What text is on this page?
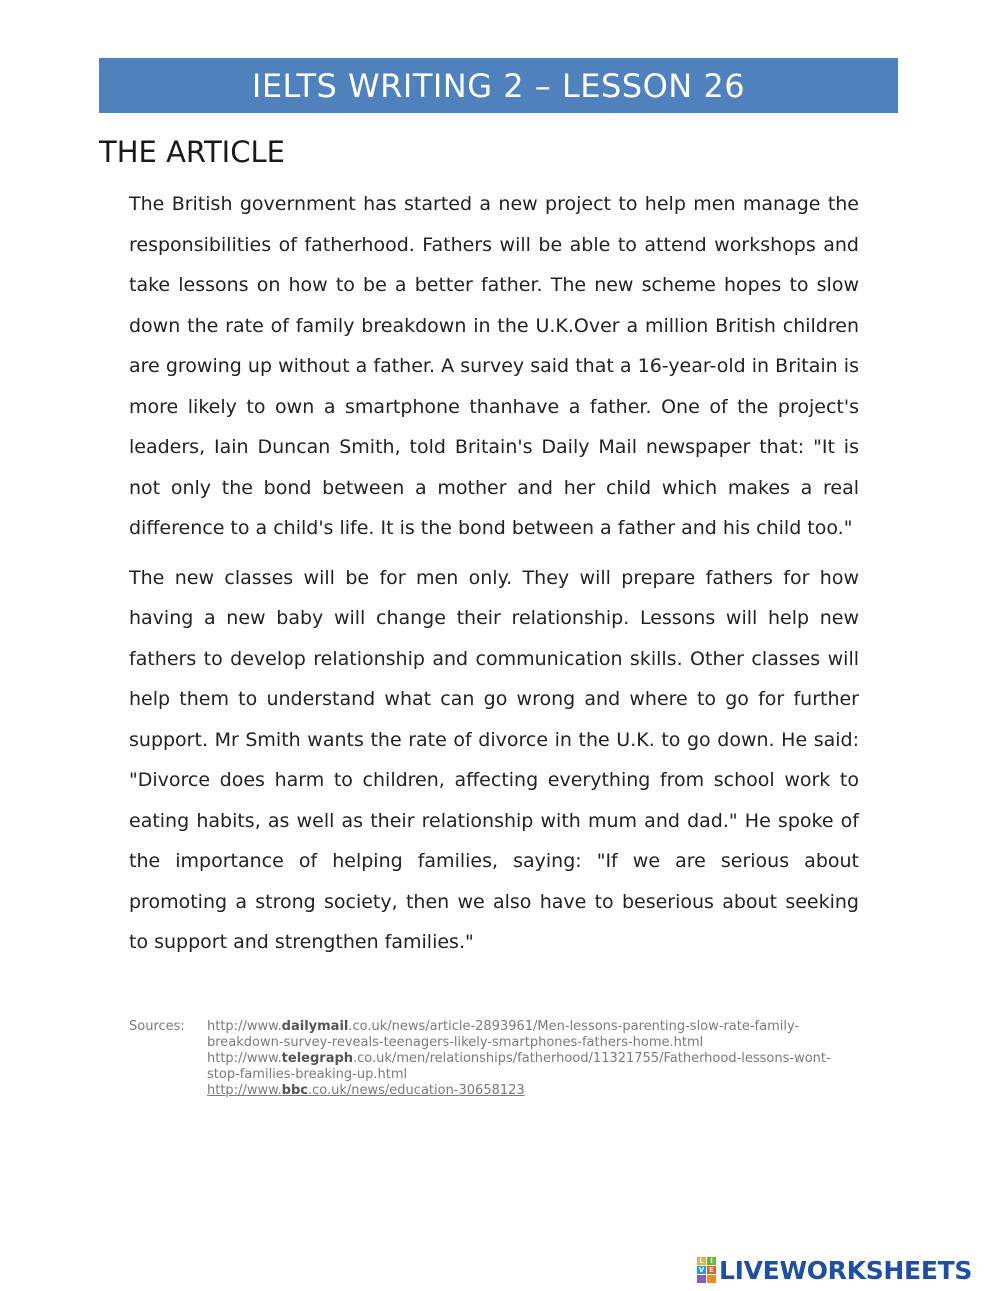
IELTS WRITING 2 – LESSON 26
THE ARTICLE

The British government has started a new project to help men manage the responsibilities of fatherhood. Fathers will be able to attend workshops and take lessons on how to be a better father. The new scheme hopes to slow down the rate of family breakdown in the U.K.Over a million British children are growing up without a father. A survey said that a 16-year-old in Britain is more likely to own a smartphone thanhave a father. One of the project's leaders, Iain Duncan Smith, told Britain's Daily Mail newspaper that: "It is not only the bond between a mother and her child which makes a real difference to a child's life. It is the bond between a father and his child too."

The new classes will be for men only. They will prepare fathers for how having a new baby will change their relationship. Lessons will help new fathers to develop relationship and communication skills. Other classes will help them to understand what can go wrong and where to go for further support. Mr Smith wants the rate of divorce in the U.K. to go down. He said: "Divorce does harm to children, affecting everything from school work to eating habits, as well as their relationship with mum and dad." He spoke of the importance of helping families, saying: "If we are serious about promoting a strong society, then we also have to beserious about seeking to support and strengthen families."

Sources:	http://www.dailymail.co.uk/news/article-2893961/Men-lessons-parenting-slow-rate-family-breakdown-survey-reveals-teenagers-likely-smartphones-fathers-home.html
http://www.telegraph.co.uk/men/relationships/fatherhood/11321755/Fatherhood-lessons-wont-stop-families-breaking-up.html
http://www.bbc.co.uk/news/education-30658123
L I
V E LIVEWORKSHEETS
